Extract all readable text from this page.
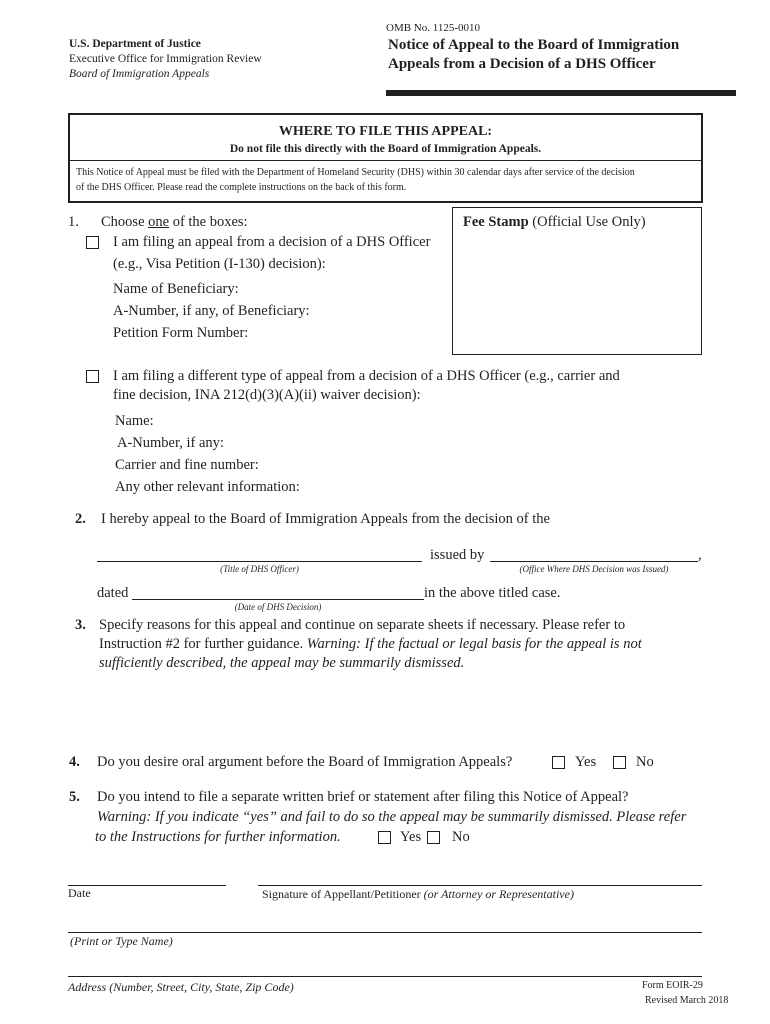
OMB No. 1125-0010
U.S. Department of Justice
Executive Office for Immigration Review
Board of Immigration Appeals
Notice of Appeal to the Board of Immigration
Appeals from a Decision of a DHS Officer
WHERE TO FILE THIS APPEAL:
Do not file this directly with the Board of Immigration Appeals.
This Notice of Appeal must be filed with the Department of Homeland Security (DHS) within 30 calendar days after service of the decision
of the DHS Officer. Please read the complete instructions on the back of this form.
Fee Stamp (Official Use Only)
1. Choose one of the boxes:
I am filing an appeal from a decision of a DHS Officer
(e.g., Visa Petition (I-130) decision):
Name of Beneficiary:
A-Number, if any, of Beneficiary:
Petition Form Number:
I am filing a different type of appeal from a decision of a DHS Officer (e.g., carrier and
fine decision, INA 212(d)(3)(A)(ii) waiver decision):
Name:
A-Number, if any:
Carrier and fine number:
Any other relevant information:
2. I hereby appeal to the Board of Immigration Appeals from the decision of the
issued by	,
(Title of DHS Officer)	(Office Where DHS Decision was Issued)
dated	in the above titled case.
(Date of DHS Decision)
3. Specify reasons for this appeal and continue on separate sheets if necessary. Please refer to
Instruction #2 for further guidance. Warning: If the factual or legal basis for the appeal is not
sufficiently described, the appeal may be summarily dismissed.
4. Do you desire oral argument before the Board of Immigration Appeals?	Yes	No
5. Do you intend to file a separate written brief or statement after filing this Notice of Appeal?
Warning: If you indicate “yes” and fail to do so the appeal may be summarily dismissed. Please refer
to the Instructions for further information.	Yes No
Date	Signature of Appellant/Petitioner (or Attorney or Representative)
(Print or Type Name)
Address (Number, Street, City, State, Zip Code)	Form EOIR-29
Revised March 2018
